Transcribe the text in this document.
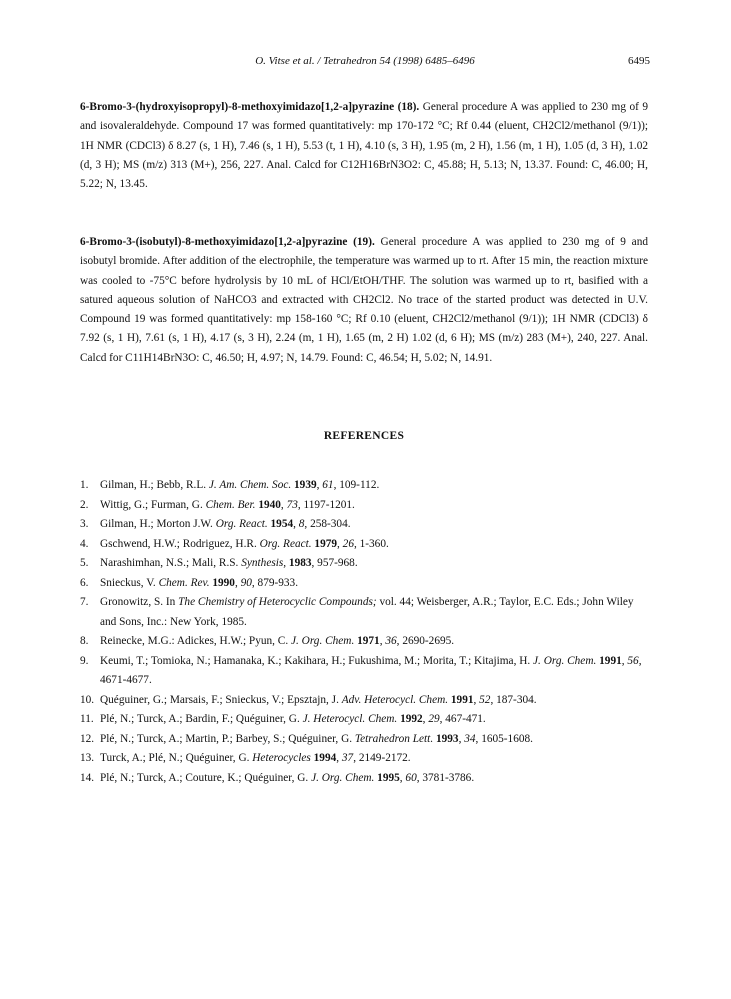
O. Vitse et al. / Tetrahedron 54 (1998) 6485–6496	6495

6-Bromo-3-(hydroxyisopropyl)-8-methoxyimidazo[1,2-a]pyrazine (18). General procedure A was applied to 230 mg of 9 and isovaleraldehyde. Compound 17 was formed quantitatively: mp 170-172 °C; Rf 0.44 (eluent, CH2Cl2/methanol (9/1)); 1H NMR (CDCl3) δ 8.27 (s, 1 H), 7.46 (s, 1 H), 5.53 (t, 1 H), 4.10 (s, 3 H), 1.95 (m, 2 H), 1.56 (m, 1 H), 1.05 (d, 3 H), 1.02 (d, 3 H); MS (m/z) 313 (M+), 256, 227. Anal. Calcd for C12H16BrN3O2: C, 45.88; H, 5.13; N, 13.37. Found: C, 46.00; H, 5.22; N, 13.45.

6-Bromo-3-(isobutyl)-8-methoxyimidazo[1,2-a]pyrazine (19). General procedure A was applied to 230 mg of 9 and isobutyl bromide. After addition of the electrophile, the temperature was warmed up to rt. After 15 min, the reaction mixture was cooled to -75°C before hydrolysis by 10 mL of HCl/EtOH/THF. The solution was warmed up to rt, basified with a satured aqueous solution of NaHCO3 and extracted with CH2Cl2. No trace of the started product was detected in U.V. Compound 19 was formed quantitatively: mp 158-160 °C; Rf 0.10 (eluent, CH2Cl2/methanol (9/1)); 1H NMR (CDCl3) δ 7.92 (s, 1 H), 7.61 (s, 1 H), 4.17 (s, 3 H), 2.24 (m, 1 H), 1.65 (m, 2 H) 1.02 (d, 6 H); MS (m/z) 283 (M+), 240, 227. Anal. Calcd for C11H14BrN3O: C, 46.50; H, 4.97; N, 14.79. Found: C, 46.54; H, 5.02; N, 14.91.

REFERENCES
1. Gilman, H.; Bebb, R.L. J. Am. Chem. Soc. 1939, 61, 109-112.
2. Wittig, G.; Furman, G. Chem. Ber. 1940, 73, 1197-1201.
3. Gilman, H.; Morton J.W. Org. React. 1954, 8, 258-304.
4. Gschwend, H.W.; Rodriguez, H.R. Org. React. 1979, 26, 1-360.
5. Narashimhan, N.S.; Mali, R.S. Synthesis, 1983, 957-968.
6. Snieckus, V. Chem. Rev. 1990, 90, 879-933.
7. Gronowitz, S. In The Chemistry of Heterocyclic Compounds; vol. 44; Weisberger, A.R.; Taylor, E.C. Eds.; John Wiley and Sons, Inc.: New York, 1985.
8. Reinecke, M.G.: Adickes, H.W.; Pyun, C. J. Org. Chem. 1971, 36, 2690-2695.
9. Keumi, T.; Tomioka, N.; Hamanaka, K.; Kakihara, H.; Fukushima, M.; Morita, T.; Kitajima, H. J. Org. Chem. 1991, 56, 4671-4677.
10. Quéguiner, G.; Marsais, F.; Snieckus, V.; Epsztajn, J. Adv. Heterocycl. Chem. 1991, 52, 187-304.
11. Plé, N.; Turck, A.; Bardin, F.; Quéguiner, G. J. Heterocycl. Chem. 1992, 29, 467-471.
12. Plé, N.; Turck, A.; Martin, P.; Barbey, S.; Quéguiner, G. Tetrahedron Lett. 1993, 34, 1605-1608.
13. Turck, A.; Plé, N.; Quéguiner, G. Heterocycles 1994, 37, 2149-2172.
14. Plé, N.; Turck, A.; Couture, K.; Quéguiner, G. J. Org. Chem. 1995, 60, 3781-3786.
